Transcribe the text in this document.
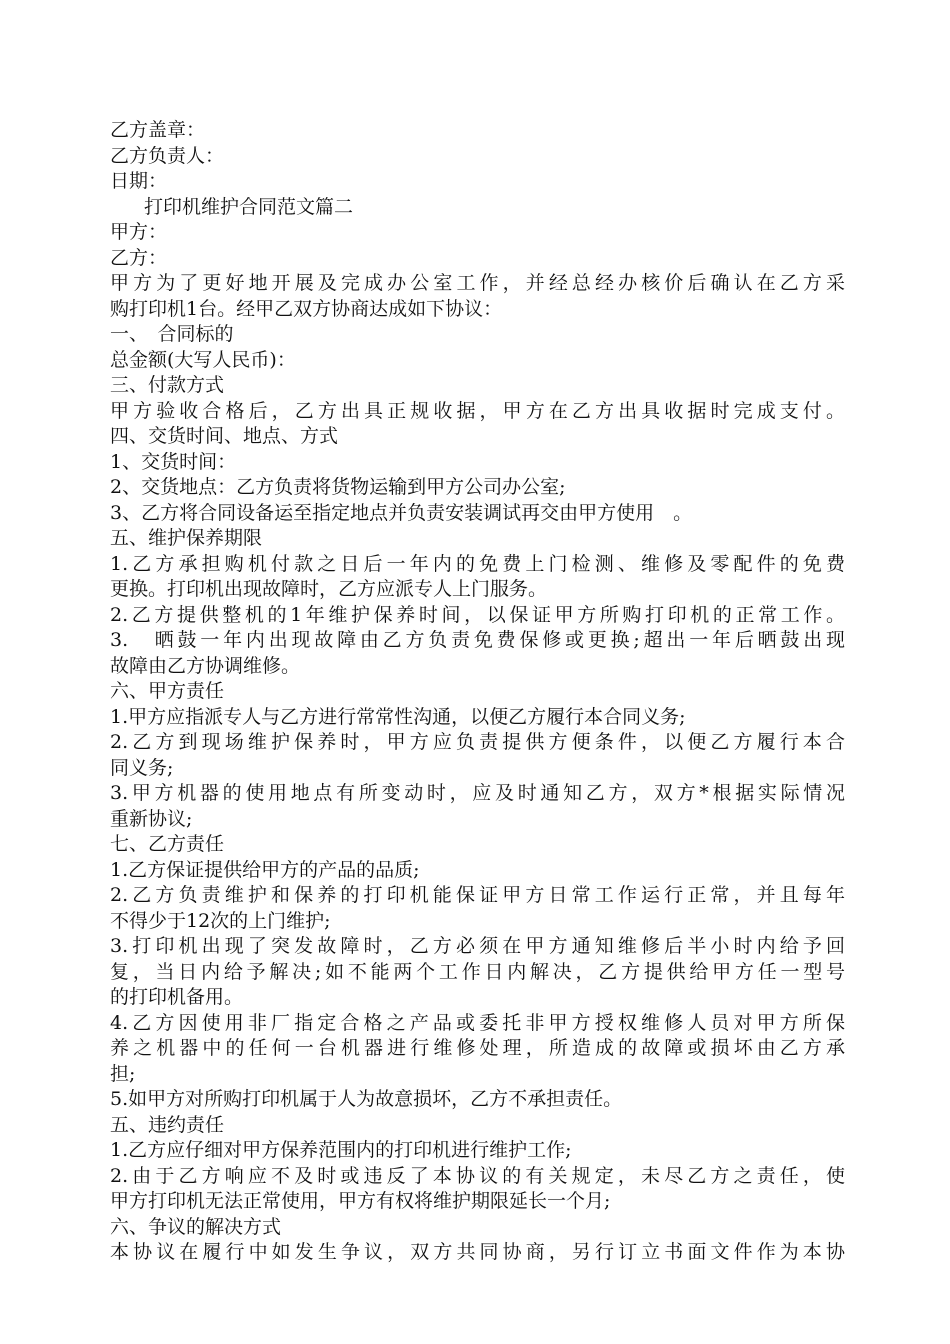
乙方盖章：
乙方负责人：
日期：
打印机维护合同范文篇二
甲方：
乙方：
甲方为了更好地开展及完成办公室工作，并经总经办核价后确认在乙方采
购打印机1台。经甲乙双方协商达成如下协议：
一、　合同标的
总金额(大写人民币)：
三、付款方式
甲方验收合格后，乙方出具正规收据，甲方在乙方出具收据时完成支付。
四、交货时间、地点、方式
1、交货时间：
2、交货地点：乙方负责将货物运输到甲方公司办公室;
3、乙方将合同设备运至指定地点并负责安装调试再交由甲方使用　。
五、维护保养期限
1.乙方承担购机付款之日后一年内的免费上门检测、维修及零配件的免费
更换。打印机出现故障时，乙方应派专人上门服务。
2.乙方提供整机的1年维护保养时间，以保证甲方所购打印机的正常工作。
3.　晒鼓一年内出现故障由乙方负责免费保修或更换;超出一年后晒鼓出现
故障由乙方协调维修。
六、甲方责任
1.甲方应指派专人与乙方进行常常性沟通，以便乙方履行本合同义务;
2.乙方到现场维护保养时，甲方应负责提供方便条件，以便乙方履行本合
同义务;
3.甲方机器的使用地点有所变动时，应及时通知乙方，双方*根据实际情况
重新协议;
七、乙方责任
1.乙方保证提供给甲方的产品的品质;
2.乙方负责维护和保养的打印机能保证甲方日常工作运行正常，并且每年
不得少于12次的上门维护;
3.打印机出现了突发故障时，乙方必须在甲方通知维修后半小时内给予回
复，当日内给予解决;如不能两个工作日内解决，乙方提供给甲方任一型号
的打印机备用。
4.乙方因使用非厂指定合格之产品或委托非甲方授权维修人员对甲方所保
养之机器中的任何一台机器进行维修处理，所造成的故障或损坏由乙方承
担;
5.如甲方对所购打印机属于人为故意损坏，乙方不承担责任。
五、违约责任
1.乙方应仔细对甲方保养范围内的打印机进行维护工作;
2.由于乙方响应不及时或违反了本协议的有关规定，未尽乙方之责任，使
甲方打印机无法正常使用，甲方有权将维护期限延长一个月;
六、争议的解决方式
本协议在履行中如发生争议，双方共同协商，另行订立书面文件作为本协
